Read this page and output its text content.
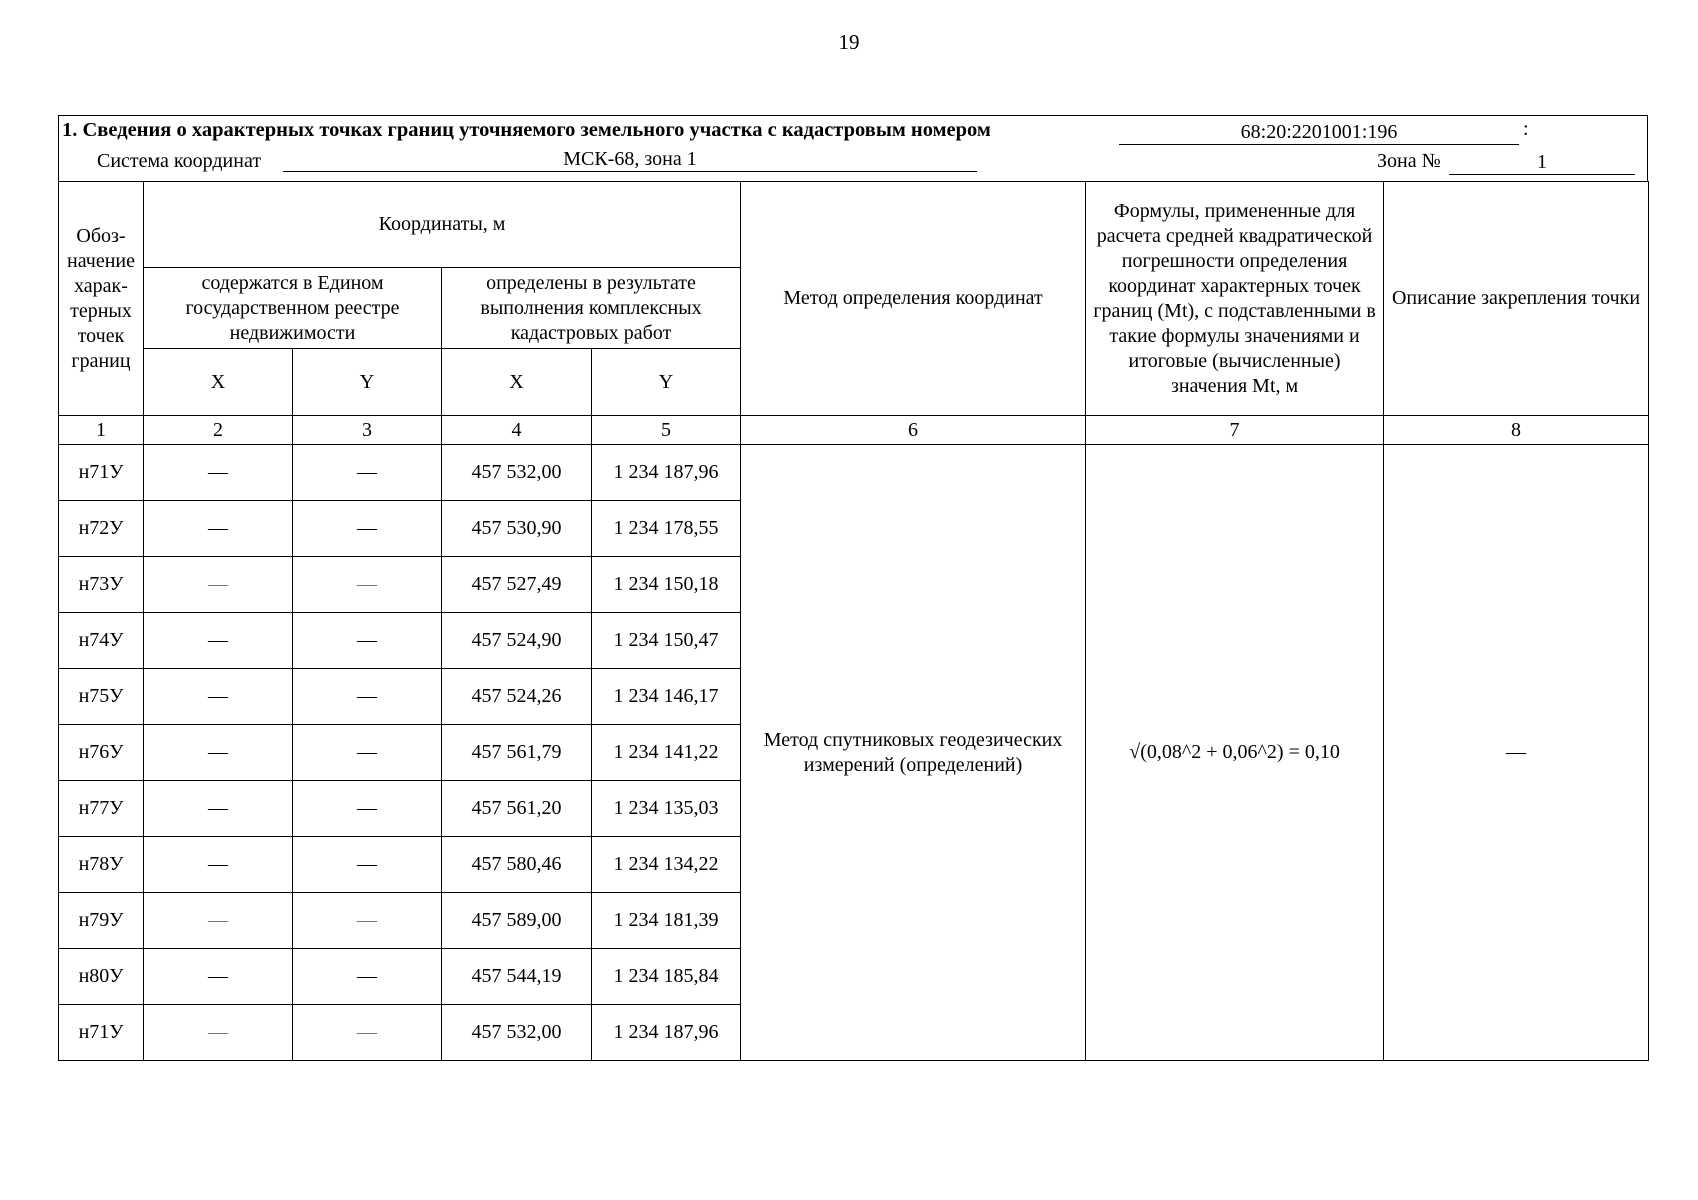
19
1. Сведения о характерных точках границ уточняемого земельного участка с кадастровым номером	68:20:2201001:196	:
Система координат	МСК-68, зона 1	Зона №	1
Обоз-начение харак-терных точек границ	Координаты, м				Метод определения координат	Формулы, примененные для расчета средней квадратической погрешности определения координат характерных точек границ (Mt), с подставленными в такие формулы значениями и итоговые (вычисленные) значения Mt, м	Описание закрепления точки
	содержатся в Едином государственном реестре недвижимости		определены в результате выполнения комплексных кадастровых работ				
	X	Y	X	Y			
1	2	3	4	5	6	7	8
н71У	—	—	457 532,00	1 234 187,96	Метод спутниковых геодезических измерений (определений)	√(0,08^2 + 0,06^2) = 0,10	—
н72У	—	—	457 530,90	1 234 178,55			
н73У	—	—	457 527,49	1 234 150,18			
н74У	—	—	457 524,90	1 234 150,47			
н75У	—	—	457 524,26	1 234 146,17			
н76У	—	—	457 561,79	1 234 141,22			
н77У	—	—	457 561,20	1 234 135,03			
н78У	—	—	457 580,46	1 234 134,22			
н79У	—	—	457 589,00	1 234 181,39			
н80У	—	—	457 544,19	1 234 185,84			
н71У	—	—	457 532,00	1 234 187,96			
